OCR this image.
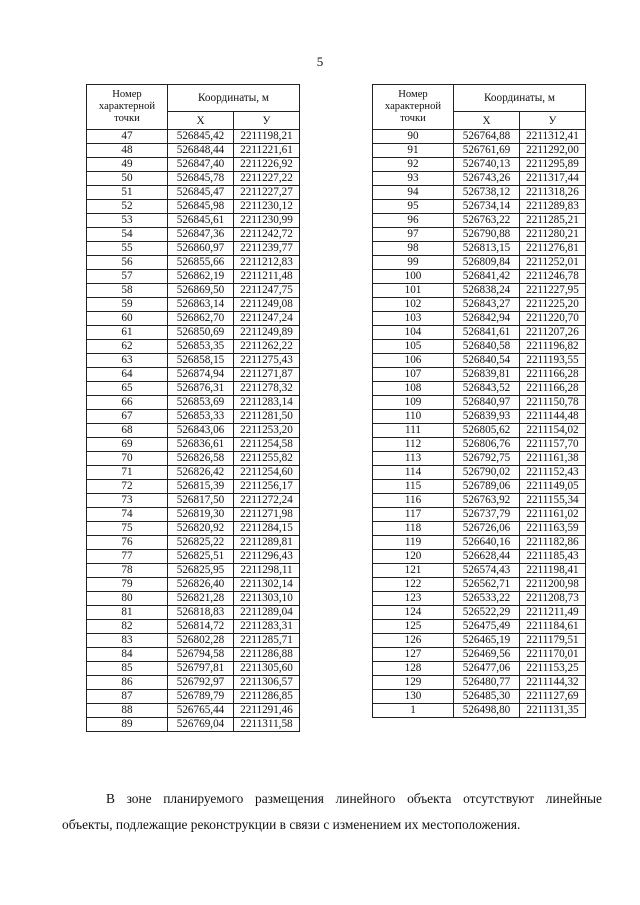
5
Номер характерной точки	Координаты, м	
	X	У
47	526845,42	2211198,21
48	526848,44	2211221,61
49	526847,40	2211226,92
50	526845,78	2211227,22
51	526845,47	2211227,27
52	526845,98	2211230,12
53	526845,61	2211230,99
54	526847,36	2211242,72
55	526860,97	2211239,77
56	526855,66	2211212,83
57	526862,19	2211211,48
58	526869,50	2211247,75
59	526863,14	2211249,08
60	526862,70	2211247,24
61	526850,69	2211249,89
62	526853,35	2211262,22
63	526858,15	2211275,43
64	526874,94	2211271,87
65	526876,31	2211278,32
66	526853,69	2211283,14
67	526853,33	2211281,50
68	526843,06	2211253,20
69	526836,61	2211254,58
70	526826,58	2211255,82
71	526826,42	2211254,60
72	526815,39	2211256,17
73	526817,50	2211272,24
74	526819,30	2211271,98
75	526820,92	2211284,15
76	526825,22	2211289,81
77	526825,51	2211296,43
78	526825,95	2211298,11
79	526826,40	2211302,14
80	526821,28	2211303,10
81	526818,83	2211289,04
82	526814,72	2211283,31
83	526802,28	2211285,71
84	526794,58	2211286,88
85	526797,81	2211305,60
86	526792,97	2211306,57
87	526789,79	2211286,85
88	526765,44	2211291,46
89	526769,04	2211311,58
Номер характерной точки	Координаты, м	
	X	У
90	526764,88	2211312,41
91	526761,69	2211292,00
92	526740,13	2211295,89
93	526743,26	2211317,44
94	526738,12	2211318,26
95	526734,14	2211289,83
96	526763,22	2211285,21
97	526790,88	2211280,21
98	526813,15	2211276,81
99	526809,84	2211252,01
100	526841,42	2211246,78
101	526838,24	2211227,95
102	526843,27	2211225,20
103	526842,94	2211220,70
104	526841,61	2211207,26
105	526840,58	2211196,82
106	526840,54	2211193,55
107	526839,81	2211166,28
108	526843,52	2211166,28
109	526840,97	2211150,78
110	526839,93	2211144,48
111	526805,62	2211154,02
112	526806,76	2211157,70
113	526792,75	2211161,38
114	526790,02	2211152,43
115	526789,06	2211149,05
116	526763,92	2211155,34
117	526737,79	2211161,02
118	526726,06	2211163,59
119	526640,16	2211182,86
120	526628,44	2211185,43
121	526574,43	2211198,41
122	526562,71	2211200,98
123	526533,22	2211208,73
124	526522,29	2211211,49
125	526475,49	2211184,61
126	526465,19	2211179,51
127	526469,56	2211170,01
128	526477,06	2211153,25
129	526480,77	2211144,32
130	526485,30	2211127,69
1	526498,80	2211131,35

В зоне планируемого размещения линейного объекта отсутствуют линейные

объекты, подлежащие реконструкции в связи с изменением их местоположения.
